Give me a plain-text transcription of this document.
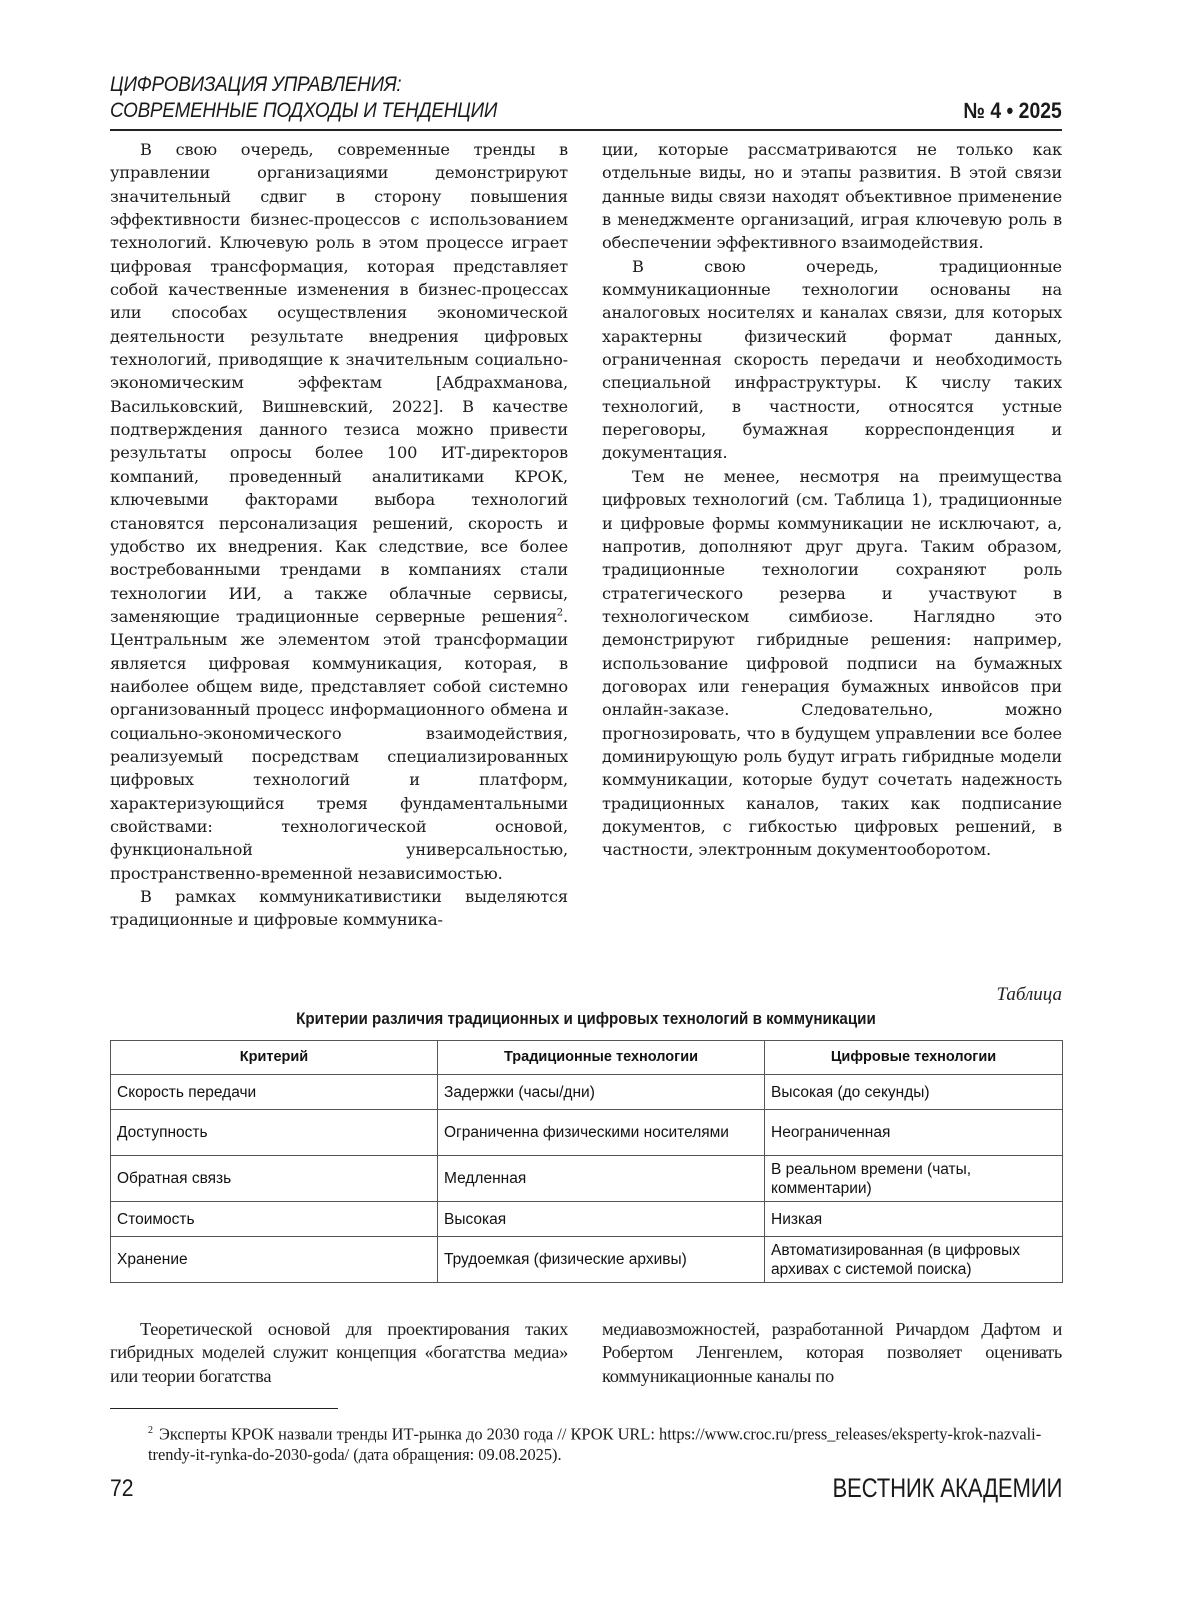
ЦИФРОВИЗАЦИЯ УПРАВЛЕНИЯ:
СОВРЕМЕННЫЕ ПОДХОДЫ И ТЕНДЕНЦИИ	№ 4 • 2025

В свою очередь, современные тренды в управлении организациями демонстрируют значительный сдвиг в сторону повышения эффективности бизнес-процессов с использованием технологий. Ключевую роль в этом процессе играет цифровая трансформация, которая представляет собой качественные изменения в бизнес-процессах или способах осуществления экономической деятельности результате внедрения цифровых технологий, приводящие к значительным социально-экономическим эффектам [Абдрахманова, Васильковский, Вишневский, 2022]. В качестве подтверждения данного тезиса можно привести результаты опросы более 100 ИТ-директоров компаний, проведенный аналитиками КРОК, ключевыми факторами выбора технологий становятся персонализация решений, скорость и удобство их внедрения. Как следствие, все более востребованными трендами в компаниях стали технологии ИИ, а также облачные сервисы, заменяющие традиционные серверные решения$^2$. Центральным же элементом этой трансформации является цифровая коммуникация, которая, в наиболее общем виде, представляет собой системно организованный процесс информационного обмена и социально-экономического взаимодействия, реализуемый посредствам специализированных цифровых технологий и платформ, характеризующийся тремя фундаментальными свойствами: технологической основой, функциональной универсальностью, пространственно-временной независимостью.

В рамках коммуникативистики выделяются традиционные и цифровые коммуника-

ции, которые рассматриваются не только как отдельные виды, но и этапы развития. В этой связи данные виды связи находят объективное применение в менеджменте организаций, играя ключевую роль в обеспечении эффективного взаимодействия.

В свою очередь, традиционные коммуникационные технологии основаны на аналоговых носителях и каналах связи, для которых характерны физический формат данных, ограниченная скорость передачи и необходимость специальной инфраструктуры. К числу таких технологий, в частности, относятся устные переговоры, бумажная корреспонденция и документация.

Тем не менее, несмотря на преимущества цифровых технологий (см. Таблица 1), традиционные и цифровые формы коммуникации не исключают, а, напротив, дополняют друг друга. Таким образом, традиционные технологии сохраняют роль стратегического резерва и участвуют в технологическом симбиозе. Наглядно это демонстрируют гибридные решения: например, использование цифровой подписи на бумажных договорах или генерация бумажных инвойсов при онлайн-заказе. Следовательно, можно прогнозировать, что в будущем управлении все более доминирующую роль будут играть гибридные модели коммуникации, которые будут сочетать надежность традиционных каналов, таких как подписание документов, с гибкостью цифровых решений, в частности, электронным документооборотом.

Таблица
Критерии различия традиционных и цифровых технологий в коммуникации
Критерий	Традиционные технологии	Цифровые технологии
Скорость передачи	Задержки (часы/дни)	Высокая (до секунды)
Доступность	Ограниченна физическими носителями	Неограниченная
Обратная связь	Медленная	В реальном времени (чаты, комментарии)
Стоимость	Высокая	Низкая
Хранение	Трудоемкая (физические архивы)	Автоматизированная (в цифровых архивах с системой поиска)

Теоретической основой для проектирования таких гибридных моделей служит концепция «богатства медиа» или теории богатства

медиавозможностей, разработанной Ричардом Дафтом и Робертом Ленгенлем, которая позволяет оценивать коммуникационные каналы по

$^2$ Эксперты КРОК назвали тренды ИТ-рынка до 2030 года // КРОК URL: https://www.croc.ru/press_releases/eksperty-krok-nazvali-trendy-it-rynka-do-2030-goda/ (дата обращения: 09.08.2025).
72	ВЕСТНИК АКАДЕМИИ
